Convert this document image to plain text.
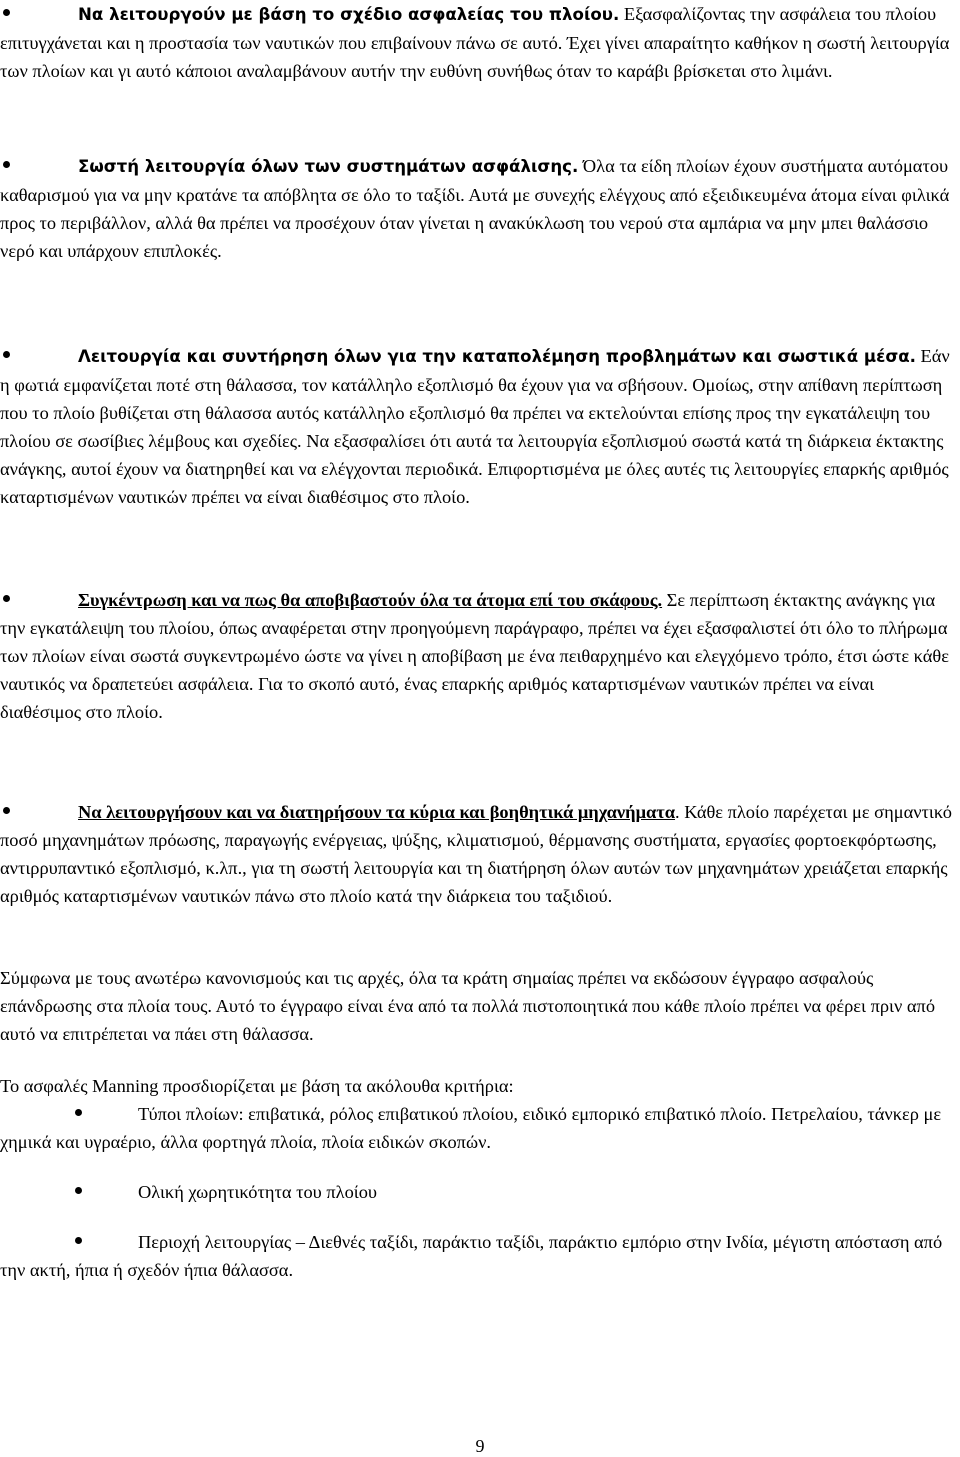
Να λειτουργούν με βάση το σχέδιο ασφαλείας του πλοίου. Εξασφαλίζοντας την ασφάλεια του πλοίου επιτυγχάνεται και η προστασία των ναυτικών που επιβαίνουν πάνω σε αυτό. Έχει γίνει απαραίτητο καθήκον η σωστή λειτουργία των πλοίων και γι αυτό κάποιοι αναλαμβάνουν αυτήν την ευθύνη συνήθως όταν το καράβι βρίσκεται στο λιμάνι.

Σωστή λειτουργία όλων των συστημάτων ασφάλισης. Όλα τα είδη πλοίων έχουν συστήματα αυτόματου καθαρισμού για να μην κρατάνε τα απόβλητα σε όλο το ταξίδι. Αυτά με συνεχής ελέγχους από εξειδικευμένα άτομα είναι φιλικά προς το περιβάλλον, αλλά θα πρέπει να προσέχουν όταν γίνεται η ανακύκλωση του νερού στα αμπάρια να μην μπει θαλάσσιο νερό και υπάρχουν επιπλοκές.

Λειτουργία και συντήρηση όλων για την καταπολέμηση προβλημάτων και σωστικά μέσα. Εάν η φωτιά εμφανίζεται ποτέ στη θάλασσα, τον κατάλληλο εξοπλισμό θα έχουν για να σβήσουν. Ομοίως, στην απίθανη περίπτωση που το πλοίο βυθίζεται στη θάλασσα αυτός κατάλληλο εξοπλισμό θα πρέπει να εκτελούνται επίσης προς την εγκατάλειψη του πλοίου σε σωσίβιες λέμβους και σχεδίες. Να εξασφαλίσει ότι αυτά τα λειτουργία εξοπλισμού σωστά κατά τη διάρκεια έκτακτης ανάγκης, αυτοί έχουν να διατηρηθεί και να ελέγχονται περιοδικά. Επιφορτισμένα με όλες αυτές τις λειτουργίες επαρκής αριθμός καταρτισμένων ναυτικών πρέπει να είναι διαθέσιμος στο πλοίο.

Συγκέντρωση και να πως θα αποβιβαστούν όλα τα άτομα επί του σκάφους. Σε περίπτωση έκτακτης ανάγκης για την εγκατάλειψη του πλοίου, όπως αναφέρεται στην προηγούμενη παράγραφο, πρέπει να έχει εξασφαλιστεί ότι όλο το πλήρωμα των πλοίων είναι σωστά συγκεντρωμένο ώστε να γίνει η αποβίβαση με ένα πειθαρχημένο και ελεγχόμενο τρόπο, έτσι ώστε κάθε ναυτικός να δραπετεύει ασφάλεια. Για το σκοπό αυτό, ένας επαρκής αριθμός καταρτισμένων ναυτικών πρέπει να είναι διαθέσιμος στο πλοίο.

Να λειτουργήσουν και να διατηρήσουν τα κύρια και βοηθητικά μηχανήματα. Κάθε πλοίο παρέχεται με σημαντικό ποσό μηχανημάτων πρόωσης, παραγωγής ενέργειας, ψύξης, κλιματισμού, θέρμανσης συστήματα, εργασίες φορτοεκφόρτωσης, αντιρρυπαντικό εξοπλισμό, κ.λπ., για τη σωστή λειτουργία και τη διατήρηση όλων αυτών των μηχανημάτων χρειάζεται επαρκής αριθμός καταρτισμένων ναυτικών πάνω στο πλοίο κατά την διάρκεια του ταξιδιού.

Σύμφωνα με τους ανωτέρω κανονισμούς και τις αρχές, όλα τα κράτη σημαίας πρέπει να εκδώσουν έγγραφο ασφαλούς επάνδρωσης στα πλοία τους. Αυτό το έγγραφο είναι ένα από τα πολλά πιστοποιητικά που κάθε πλοίο πρέπει να φέρει πριν από αυτό να επιτρέπεται να πάει στη θάλασσα.

Το ασφαλές Manning προσδιορίζεται με βάση τα ακόλουθα κριτήρια:

Τύποι πλοίων: επιβατικά, ρόλος επιβατικού πλοίου, ειδικό εμπορικό επιβατικό πλοίο. Πετρελαίου, τάνκερ με χημικά και υγραέριο, άλλα φορτηγά πλοία, πλοία ειδικών σκοπών.

Ολική χωρητικότητα του πλοίου

Περιοχή λειτουργίας – Διεθνές ταξίδι, παράκτιο ταξίδι, παράκτιο εμπόριο στην Ινδία, μέγιστη απόσταση από την ακτή, ήπια ή σχεδόν ήπια θάλασσα.

9
